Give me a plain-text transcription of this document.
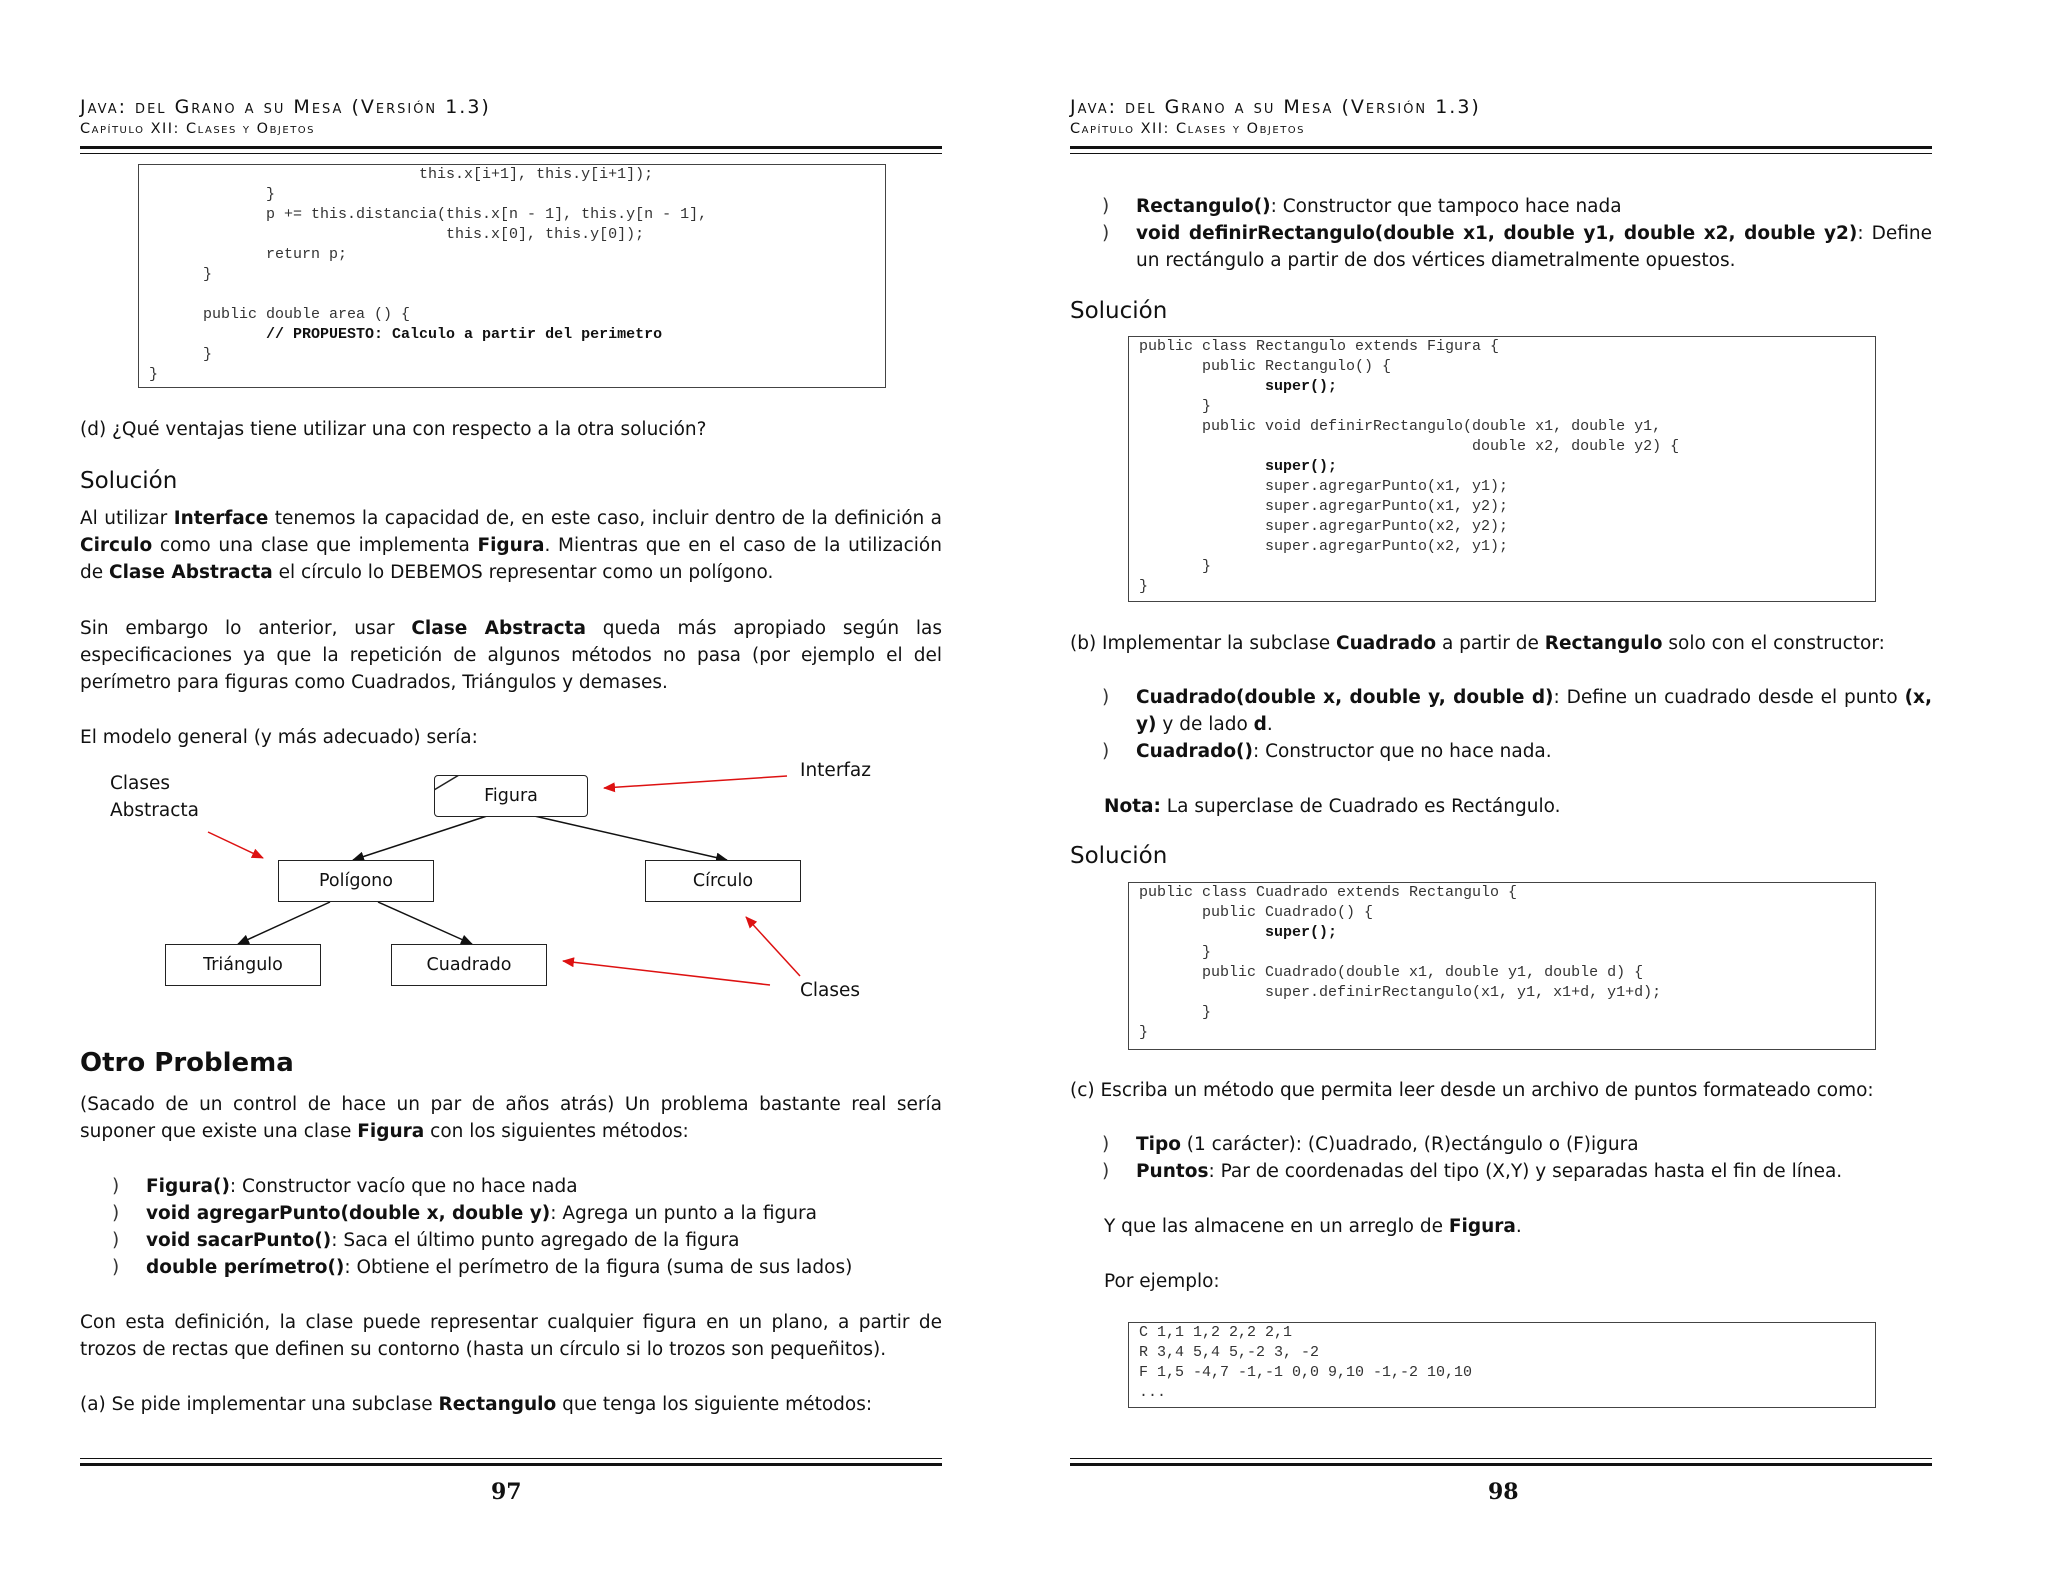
Java: del Grano a su Mesa (Versión 1.3)
Capítulo XII: Clases y Objetos
this.x[i+1], this.y[i+1]);
}
p += this.distancia(this.x[n - 1], this.y[n - 1],
this.x[0], this.y[0]);
return p;
}

public double area () {
// PROPUESTO: Calculo a partir del perimetro
}
}
(d) ¿Qué ventajas tiene utilizar una con respecto a la otra solución?
Solución
Al utilizar Interface tenemos la capacidad de, en este caso, incluir dentro de la definición a Circulo como una clase que implementa Figura. Mientras que en el caso de la utilización de Clase Abstracta el círculo lo DEBEMOS representar como un polígono.
Sin embargo lo anterior, usar Clase Abstracta queda más apropiado según las especificaciones ya que la repetición de algunos métodos no pasa (por ejemplo el del perímetro para figuras como Cuadrados, Triángulos y demases.
El modelo general (y más adecuado) sería:
Figura
Polígono	Círculo
Triángulo	Cuadrado
Clases
Abstracta
Interfaz
Clases
Otro Problema
(Sacado de un control de hace un par de años atrás) Un problema bastante real sería suponer que existe una clase Figura con los siguientes métodos:
) Figura(): Constructor vacío que no hace nada
) void agregarPunto(double x, double y): Agrega un punto a la figura
) void sacarPunto(): Saca el último punto agregado de la figura
) double perímetro(): Obtiene el perímetro de la figura (suma de sus lados)
Con esta definición, la clase puede representar cualquier figura en un plano, a partir de trozos de rectas que definen su contorno (hasta un círculo si lo trozos son pequeñitos).
(a) Se pide implementar una subclase Rectangulo que tenga los siguiente métodos:
97
Java: del Grano a su Mesa (Versión 1.3)
Capítulo XII: Clases y Objetos
) Rectangulo(): Constructor que tampoco hace nada
) void definirRectangulo(double x1, double y1, double x2, double y2): Define un rectángulo a partir de dos vértices diametralmente opuestos.
Solución
public class Rectangulo extends Figura {
public Rectangulo() {
super();
}
public void definirRectangulo(double x1, double y1,
double x2, double y2) {
super();
super.agregarPunto(x1, y1);
super.agregarPunto(x1, y2);
super.agregarPunto(x2, y2);
super.agregarPunto(x2, y1);
}
}
(b) Implementar la subclase Cuadrado a partir de Rectangulo solo con el constructor:
) Cuadrado(double x, double y, double d): Define un cuadrado desde el punto (x, y) y de lado d.
) Cuadrado(): Constructor que no hace nada.
Nota: La superclase de Cuadrado es Rectángulo.
Solución
public class Cuadrado extends Rectangulo {
public Cuadrado() {
super();
}
public Cuadrado(double x1, double y1, double d) {
super.definirRectangulo(x1, y1, x1+d, y1+d);
}
}
(c) Escriba un método que permita leer desde un archivo de puntos formateado como:
) Tipo (1 carácter): (C)uadrado, (R)ectángulo o (F)igura
) Puntos: Par de coordenadas del tipo (X,Y) y separadas hasta el fin de línea.
Y que las almacene en un arreglo de Figura.
Por ejemplo:
C 1,1 1,2 2,2 2,1
R 3,4 5,4 5,-2 3, -2
F 1,5 -4,7 -1,-1 0,0 9,10 -1,-2 10,10
...
98
